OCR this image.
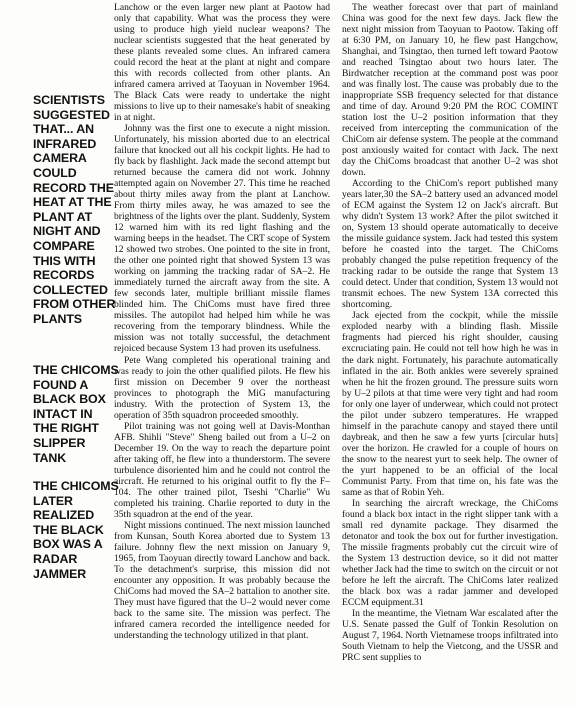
SCIENTISTS
SUGGESTED
THAT... AN
INFRARED
CAMERA
COULD
RECORD THE
HEAT AT THE
PLANT AT
NIGHT AND
COMPARE
THIS WITH
RECORDS
COLLECTED
FROM OTHER
PLANTS
THE CHICOMS
FOUND A
BLACK BOX
INTACT IN
THE RIGHT
SLIPPER
TANK
THE CHICOMS
LATER
REALIZED
THE BLACK
BOX WAS A
RADAR
JAMMER

Lanchow or the even larger new plant at Paotow had only that capability. What was the process they were using to produce high yield nuclear weapons? The nuclear scientists suggested that the heat generated by these plants revealed some clues. An infrared camera could record the heat at the plant at night and compare this with records collected from other plants. An infrared camera arrived at Taoyuan in November 1964. The Black Cats were ready to undertake the night missions to live up to their namesake's habit of sneaking in at night.

Johnny was the first one to execute a night mission. Unfortunately, his mission aborted due to an electrical failure that knocked out all his cockpit lights. He had to fly back by flashlight. Jack made the second attempt but returned because the camera did not work. Johnny attempted again on November 27. This time he reached about thirty miles away from the plant at Lanchow. From thirty miles away, he was amazed to see the brightness of the lights over the plant. Suddenly, System 12 warned him with its red light flashing and the warning beeps in the headset. The CRT scope of System 12 showed two strobes. One pointed to the site in front, the other one pointed right that showed System 13 was working on jamming the tracking radar of SA–2. He immediately turned the aircraft away from the site. A few seconds later, multiple brilliant missile flames blinded him. The ChiComs must have fired three missiles. The autopilot had helped him while he was recovering from the temporary blindness. While the mission was not totally successful, the detachment rejoiced because System 13 had proven its usefulness.

Pete Wang completed his operational training and was ready to join the other qualified pilots. He flew his first mission on December 9 over the northeast provinces to photograph the MiG manufacturing industry. With the protection of System 13, the operation of 35th squadron proceeded smoothly.

Pilot training was not going well at Davis-Monthan AFB. Shihli "Steve" Sheng bailed out from a U–2 on December 19. On the way to reach the departure point after taking off, he flew into a thunderstorm. The severe turbulence disoriented him and he could not control the aircraft. He returned to his original outfit to fly the F–104. The other trained pilot, Tseshi "Charlie" Wu completed his training. Charlie reported to duty in the 35th squadron at the end of the year.

Night missions continued. The next mission launched from Kunsan, South Korea aborted due to System 13 failure. Johnny flew the next mission on January 9, 1965, from Taoyuan directly toward Lanchow and back. To the detachment's surprise, this mission did not encounter any opposition. It was probably because the ChiComs had moved the SA–2 battalion to another site. They must have figured that the U–2 would never come back to the same site. The mission was perfect. The infrared camera recorded the intelligence needed for understanding the technology utilized in that plant.

The weather forecast over that part of mainland China was good for the next few days. Jack flew the next night mission from Taoyuan to Paotow. Taking off at 6:30 PM, on January 10, he flew past Hangchow, Shanghai, and Tsingtao, then turned left toward Paotow and reached Tsingtao about two hours later. The Birdwatcher reception at the command post was poor and was finally lost. The cause was probably due to the inappropriate SSB frequency selected for that distance and time of day. Around 9:20 PM the ROC COMINT station lost the U–2 position information that they received from intercepting the communication of the ChiCom air defense system. The people at the command post anxiously waited for contact with Jack. The next day the ChiComs broadcast that another U–2 was shot down.

According to the ChiCom's report published many years later,30 the SA–2 battery used an advanced model of ECM against the System 12 on Jack's aircraft. But why didn't System 13 work? After the pilot switched it on, System 13 should operate automatically to deceive the missile guidance system. Jack had tested this system before he coasted into the target. The ChiComs probably changed the pulse repetition frequency of the tracking radar to be outside the range that System 13 could detect. Under that condition, System 13 would not transmit echoes. The new System 13A corrected this shortcoming.

Jack ejected from the cockpit, while the missile exploded nearby with a blinding flash. Missile fragments had pierced his right shoulder, causing excruciating pain. He could not tell how high he was in the dark night. Fortunately, his parachute automatically inflated in the air. Both ankles were severely sprained when he hit the frozen ground. The pressure suits worn by U–2 pilots at that time were very tight and had room for only one layer of underwear, which could not protect the pilot under subzero temperatures. He wrapped himself in the parachute canopy and stayed there until daybreak, and then he saw a few yurts [circular huts] over the horizon. He crawled for a couple of hours on the snow to the nearest yurt to seek help. The owner of the yurt happened to be an official of the local Communist Party. From that time on, his fate was the same as that of Robin Yeh.

In searching the aircraft wreckage, the ChiComs found a black box intact in the right slipper tank with a small red dynamite package. They disarmed the detonator and took the box out for further investigation. The missile fragments probably cut the circuit wire of the System 13 destruction device, so it did not matter whether Jack had the time to switch on the circuit or not before he left the aircraft. The ChiComs later realized the black box was a radar jammer and developed ECCM equipment.31

In the meantime, the Vietnam War escalated after the U.S. Senate passed the Gulf of Tonkin Resolution on August 7, 1964. North Vietnamese troops infiltrated into South Vietnam to help the Vietcong, and the USSR and PRC sent supplies to
